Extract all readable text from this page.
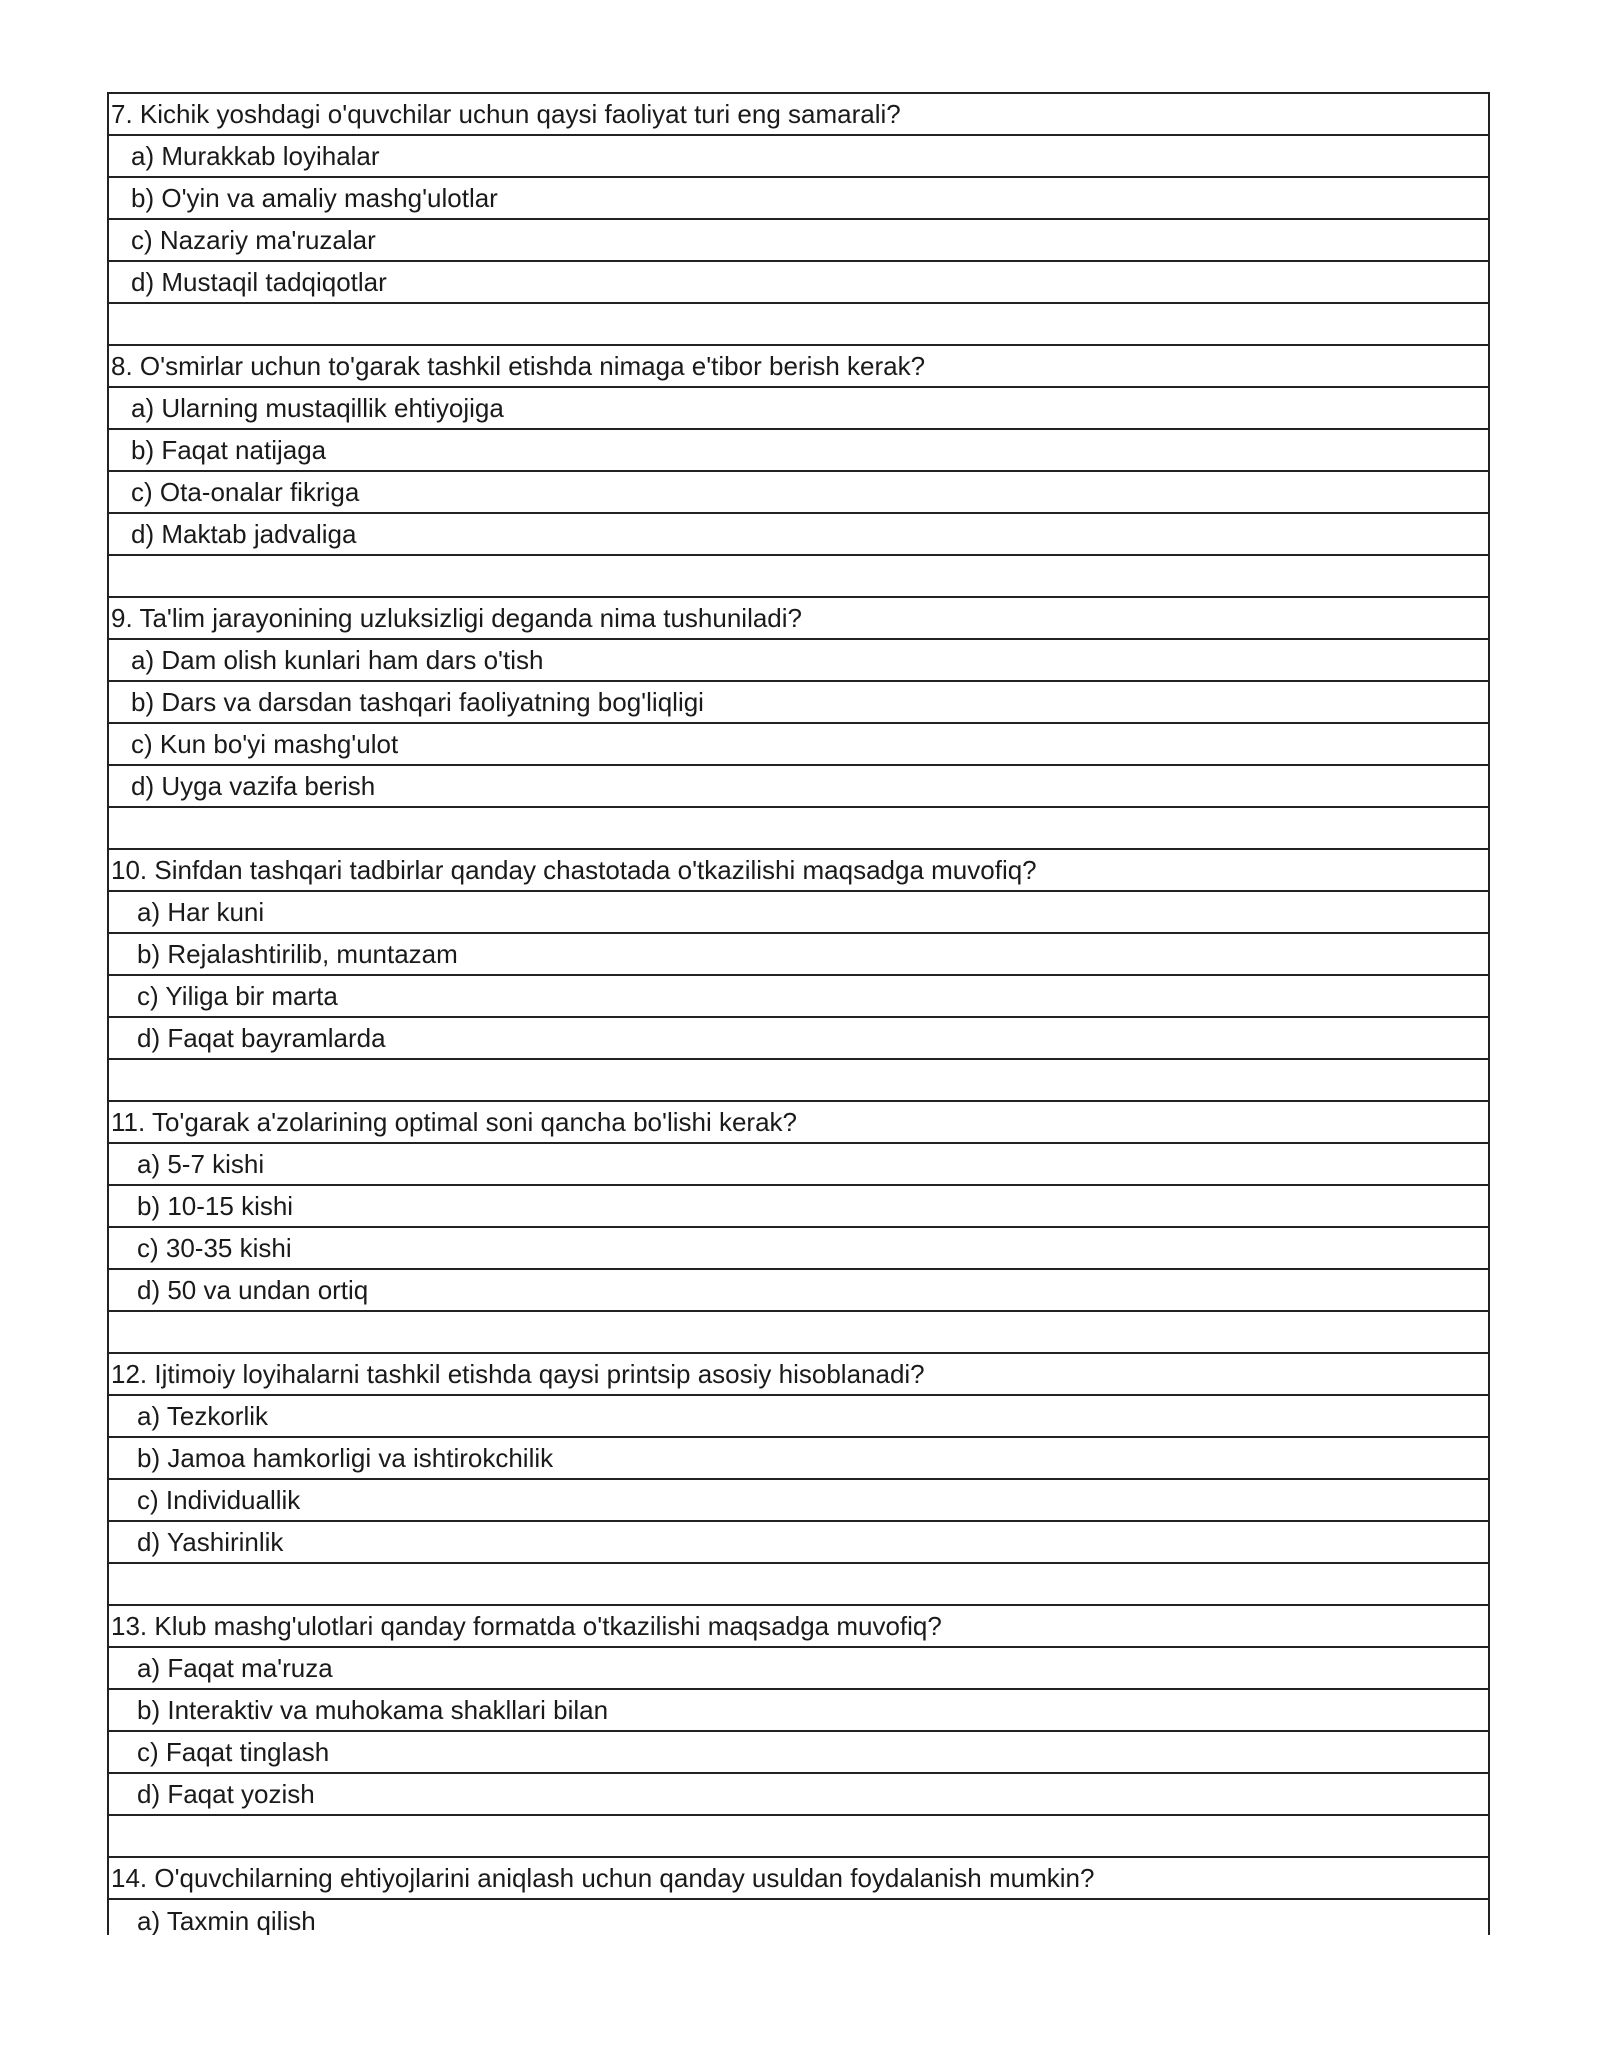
7. Kichik yoshdagi o'quvchilar uchun qaysi faoliyat turi eng samarali?
a) Murakkab loyihalar
b) O'yin va amaliy mashg'ulotlar
c) Nazariy ma'ruzalar
d) Mustaqil tadqiqotlar
8. O'smirlar uchun to'garak tashkil etishda nimaga e'tibor berish kerak?
a) Ularning mustaqillik ehtiyojiga
b) Faqat natijaga
c) Ota-onalar fikriga
d) Maktab jadvaliga
9. Ta'lim jarayonining uzluksizligi deganda nima tushuniladi?
a) Dam olish kunlari ham dars o'tish
b) Dars va darsdan tashqari faoliyatning bog'liqligi
c) Kun bo'yi mashg'ulot
d) Uyga vazifa berish
10. Sinfdan tashqari tadbirlar qanday chastotada o'tkazilishi maqsadga muvofiq?
a) Har kuni
b) Rejalashtirilib, muntazam
c) Yiliga bir marta
d) Faqat bayramlarda
11. To'garak a'zolarining optimal soni qancha bo'lishi kerak?
a) 5-7 kishi
b) 10-15 kishi
c) 30-35 kishi
d) 50 va undan ortiq
12. Ijtimoiy loyihalarni tashkil etishda qaysi printsip asosiy hisoblanadi?
a) Tezkorlik
b) Jamoa hamkorligi va ishtirokchilik
c) Individuallik
d) Yashirinlik
13. Klub mashg'ulotlari qanday formatda o'tkazilishi maqsadga muvofiq?
a) Faqat ma'ruza
b) Interaktiv va muhokama shakllari bilan
c) Faqat tinglash
d) Faqat yozish
14. O'quvchilarning ehtiyojlarini aniqlash uchun qanday usuldan foydalanish mumkin?
a) Taxmin qilish
